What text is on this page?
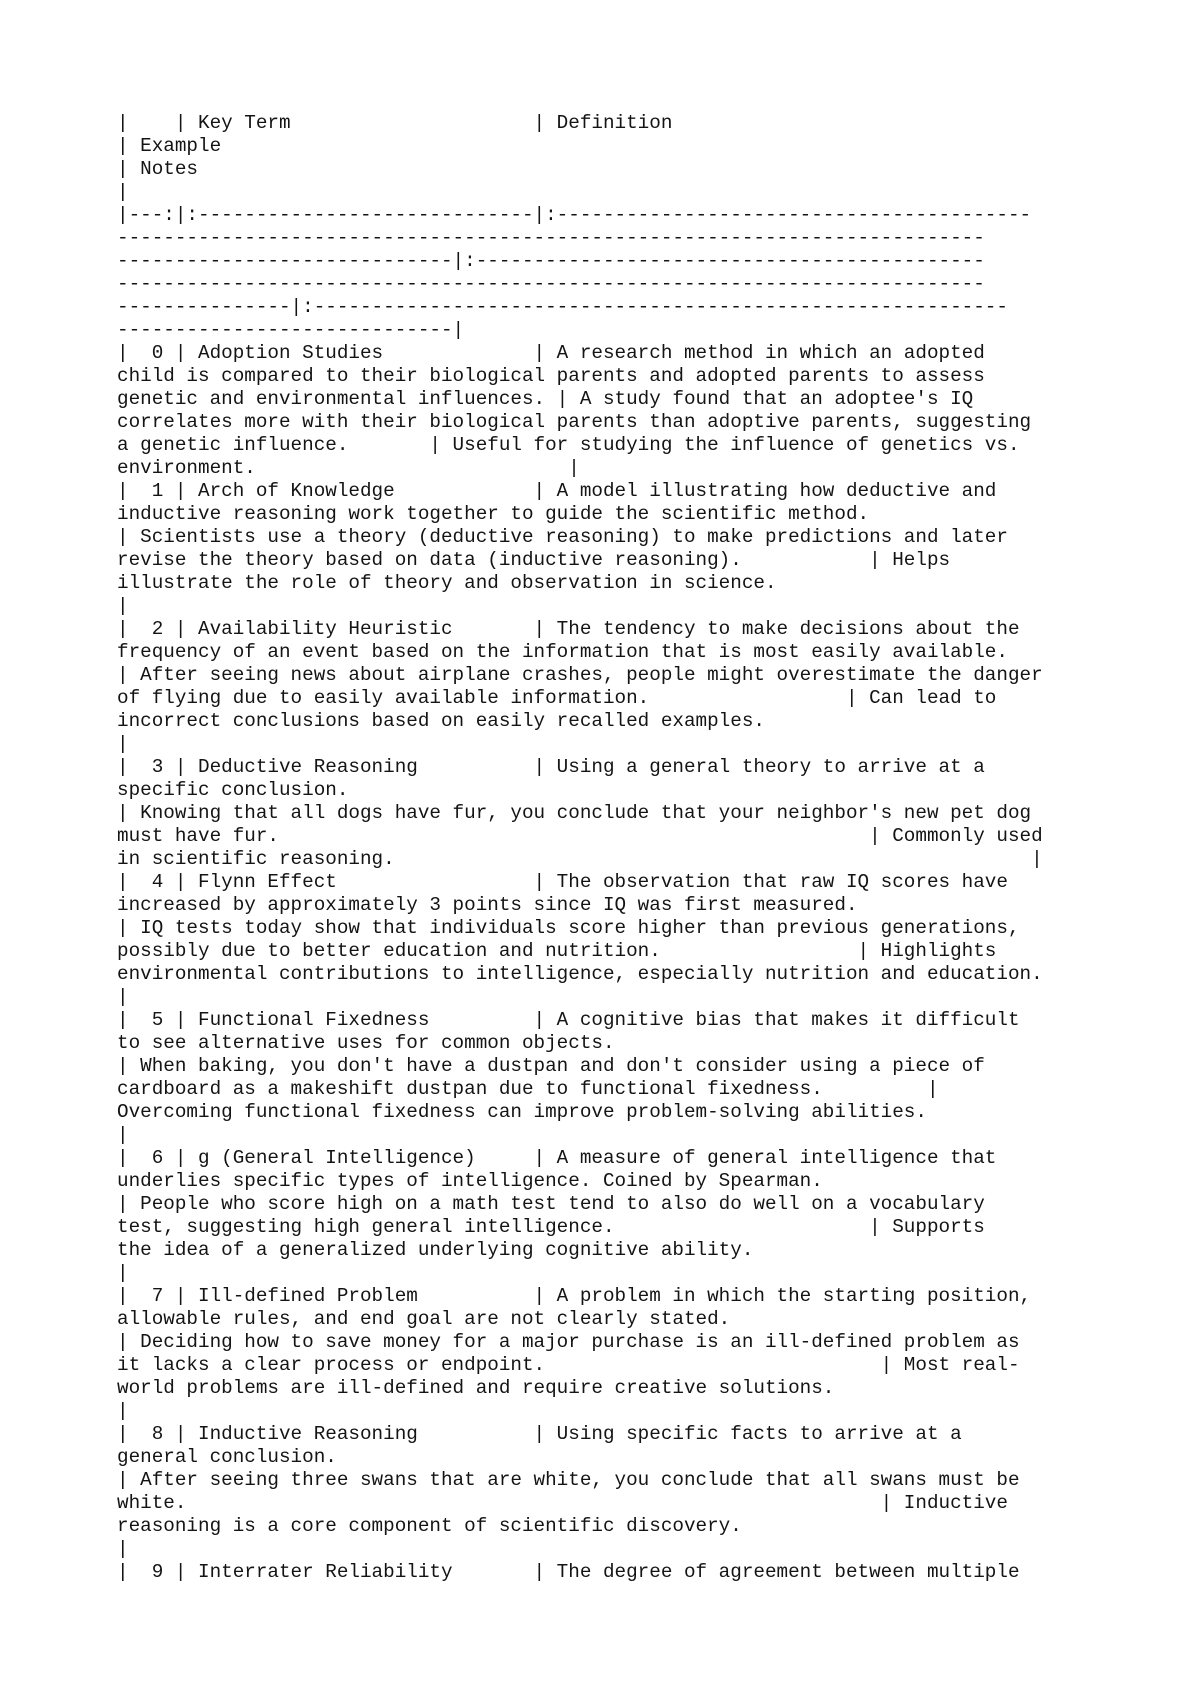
|    | Key Term                     | Definition
| Example
| Notes
|
|---:|:-----------------------------|:-----------------------------------------
---------------------------------------------------------------------------
-----------------------------|:--------------------------------------------
---------------------------------------------------------------------------
---------------|:------------------------------------------------------------
-----------------------------|
|  0 | Adoption Studies             | A research method in which an adopted
child is compared to their biological parents and adopted parents to assess
genetic and environmental influences. | A study found that an adoptee's IQ
correlates more with their biological parents than adoptive parents, suggesting
a genetic influence.       | Useful for studying the influence of genetics vs.
environment.                           |
|  1 | Arch of Knowledge            | A model illustrating how deductive and
inductive reasoning work together to guide the scientific method.
| Scientists use a theory (deductive reasoning) to make predictions and later
revise the theory based on data (inductive reasoning).           | Helps
illustrate the role of theory and observation in science.
|
|  2 | Availability Heuristic       | The tendency to make decisions about the
frequency of an event based on the information that is most easily available.
| After seeing news about airplane crashes, people might overestimate the danger
of flying due to easily available information.                 | Can lead to
incorrect conclusions based on easily recalled examples.
|
|  3 | Deductive Reasoning          | Using a general theory to arrive at a
specific conclusion.
| Knowing that all dogs have fur, you conclude that your neighbor's new pet dog
must have fur.                                                   | Commonly used
in scientific reasoning.                                                       |
|  4 | Flynn Effect                 | The observation that raw IQ scores have
increased by approximately 3 points since IQ was first measured.
| IQ tests today show that individuals score higher than previous generations,
possibly due to better education and nutrition.                 | Highlights
environmental contributions to intelligence, especially nutrition and education.
|
|  5 | Functional Fixedness         | A cognitive bias that makes it difficult
to see alternative uses for common objects.
| When baking, you don't have a dustpan and don't consider using a piece of
cardboard as a makeshift dustpan due to functional fixedness.         |
Overcoming functional fixedness can improve problem-solving abilities.
|
|  6 | g (General Intelligence)     | A measure of general intelligence that
underlies specific types of intelligence. Coined by Spearman.
| People who score high on a math test tend to also do well on a vocabulary
test, suggesting high general intelligence.                      | Supports
the idea of a generalized underlying cognitive ability.
|
|  7 | Ill-defined Problem          | A problem in which the starting position,
allowable rules, and end goal are not clearly stated.
| Deciding how to save money for a major purchase is an ill-defined problem as
it lacks a clear process or endpoint.                             | Most real-
world problems are ill-defined and require creative solutions.
|
|  8 | Inductive Reasoning          | Using specific facts to arrive at a
general conclusion.
| After seeing three swans that are white, you conclude that all swans must be
white.                                                            | Inductive
reasoning is a core component of scientific discovery.
|
|  9 | Interrater Reliability       | The degree of agreement between multiple
